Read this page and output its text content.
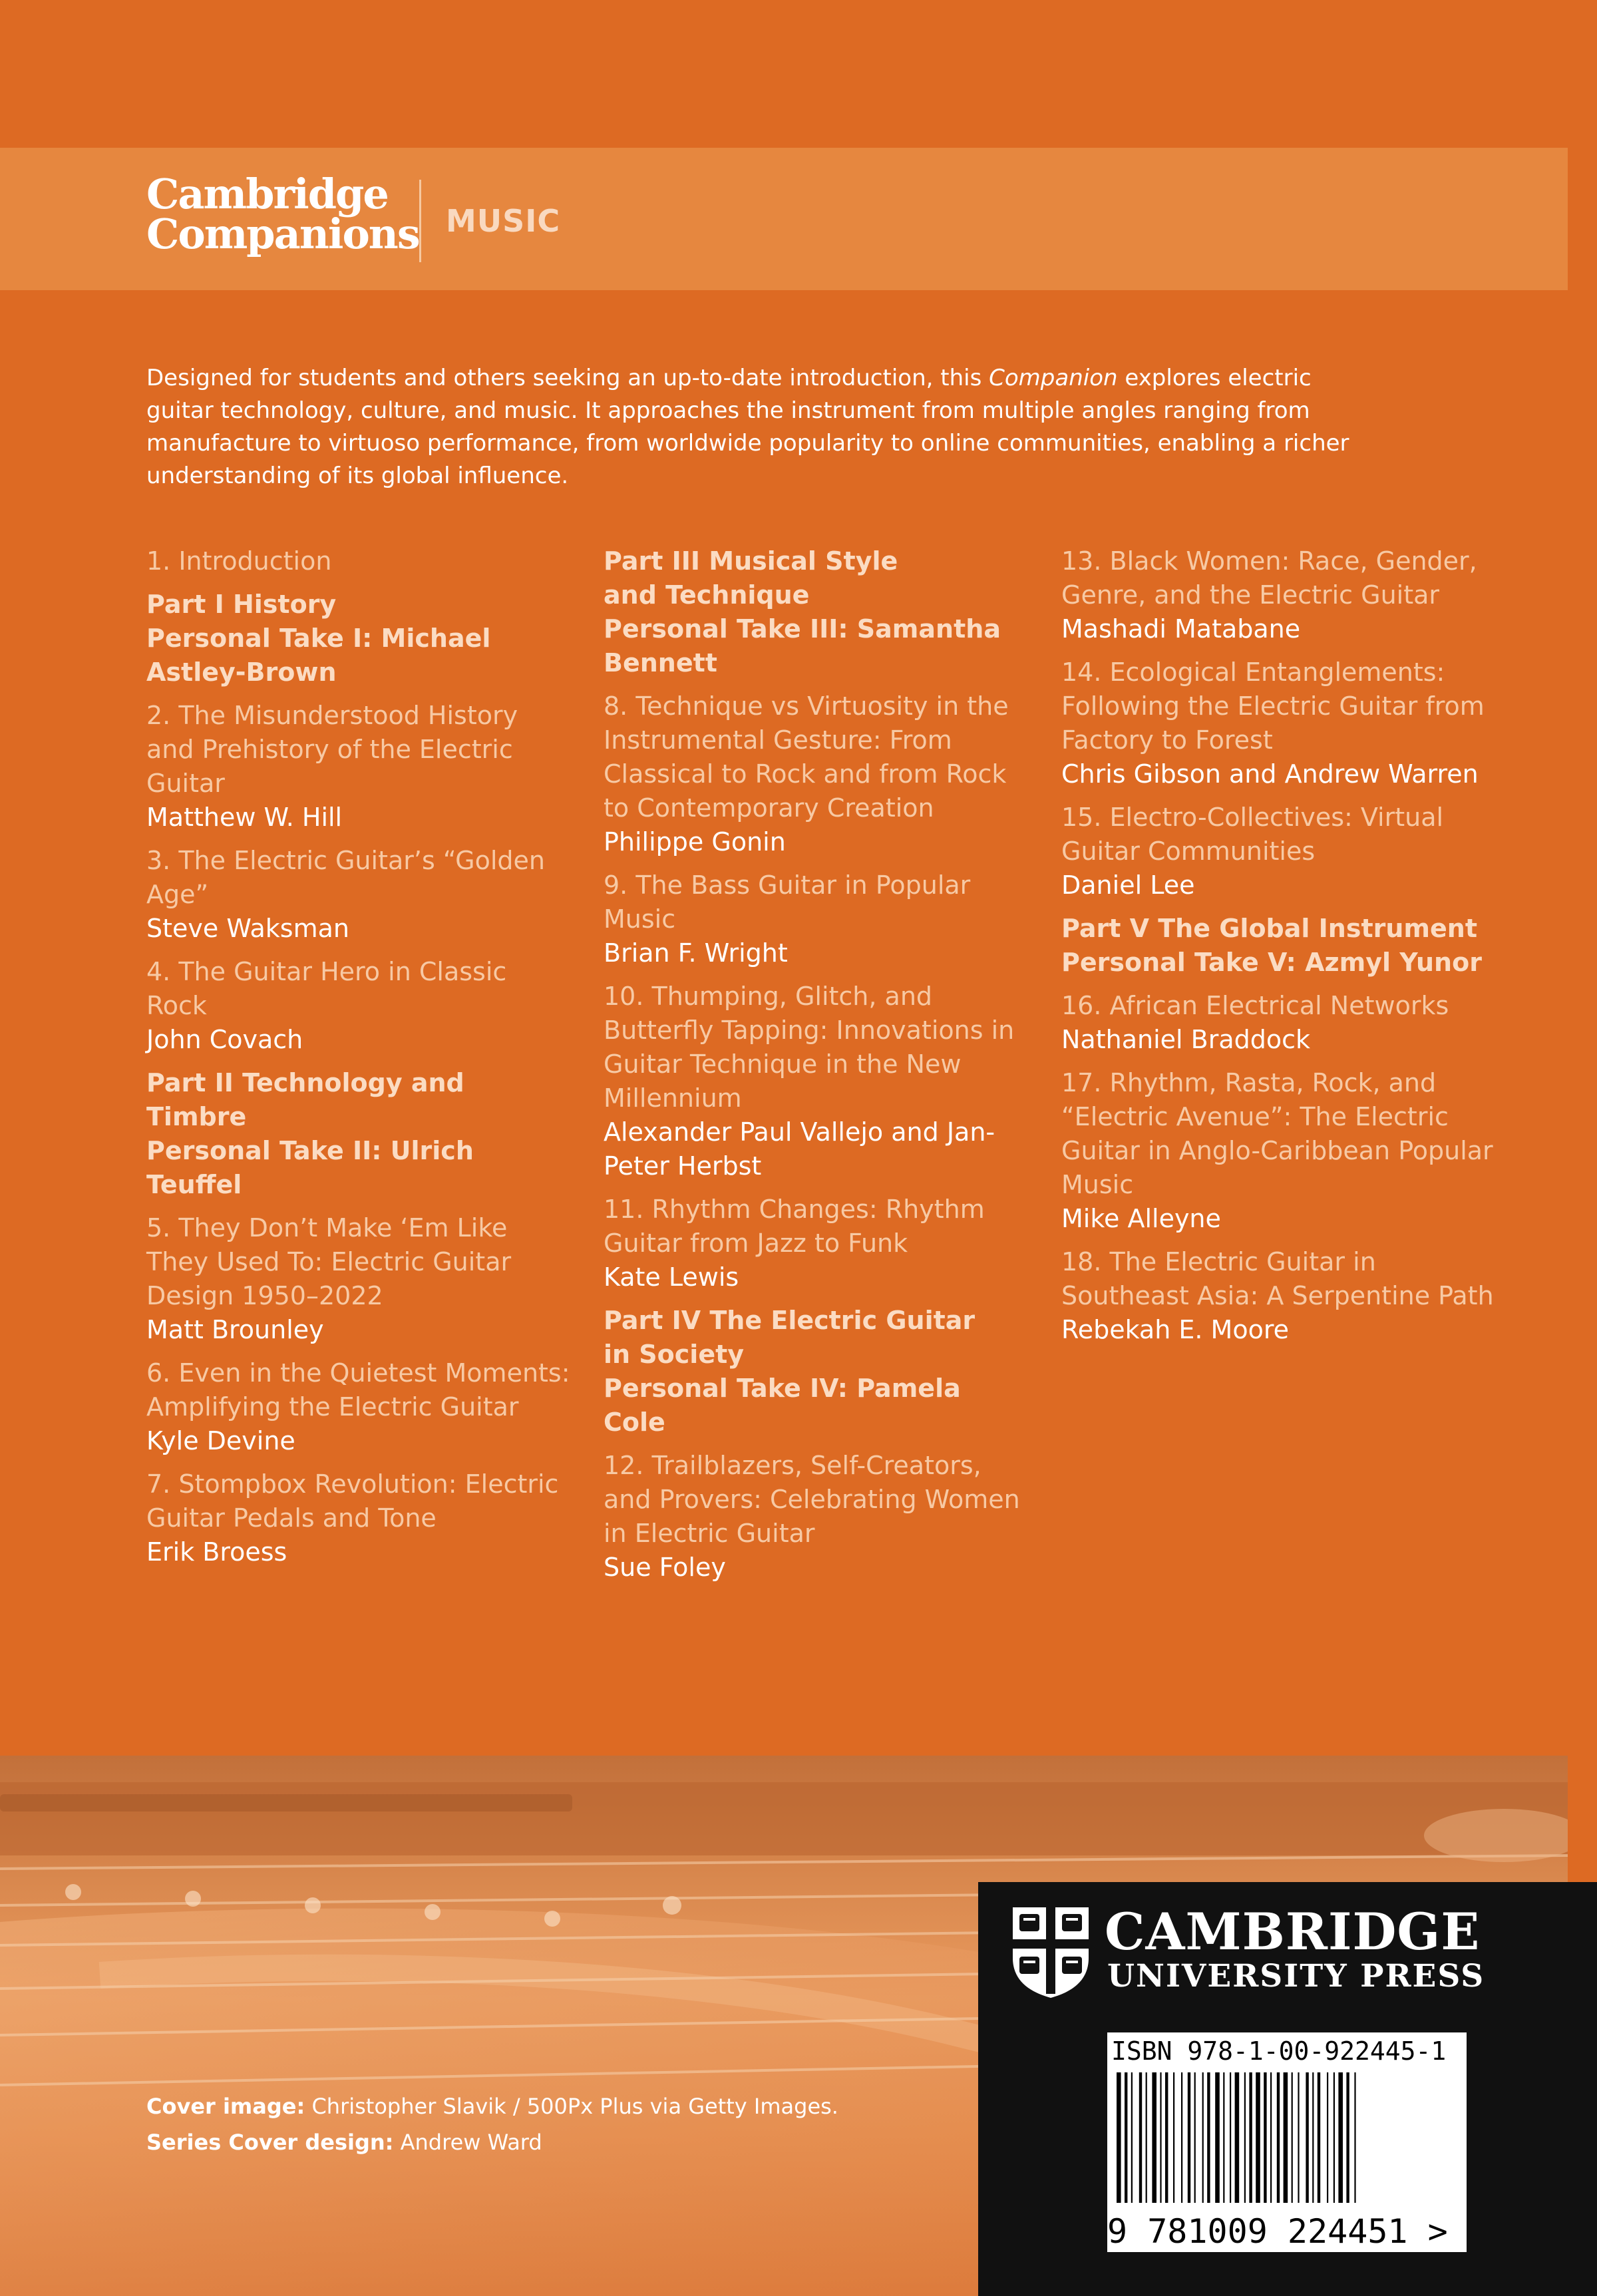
Cambridge
Companions MUSIC

Designed for students and others seeking an up-to-date introduction, this Companion explores electric guitar technology, culture, and music. It approaches the instrument from multiple angles ranging from manufacture to virtuoso performance, from worldwide popularity to online communities, enabling a richer understanding of its global influence.

1. Introduction
Part I History
Personal Take I: Michael Astley-Brown
2. The Misunderstood History and Prehistory of the Electric Guitar
Matthew W. Hill
3. The Electric Guitar’s “Golden Age”
Steve Waksman
4. The Guitar Hero in Classic Rock
John Covach
Part II Technology and Timbre
Personal Take II: Ulrich Teuffel
5. They Don’t Make ‘Em Like They Used To: Electric Guitar Design 1950–2022
Matt Brounley
6. Even in the Quietest Moments: Amplifying the Electric Guitar
Kyle Devine
7. Stompbox Revolution: Electric Guitar Pedals and Tone
Erik Broess
Part III Musical Style
and Technique
Personal Take III: Samantha Bennett
8. Technique vs Virtuosity in the Instrumental Gesture: From Classical to Rock and from Rock to Contemporary Creation
Philippe Gonin
9. The Bass Guitar in Popular Music
Brian F. Wright
10. Thumping, Glitch, and Butterfly Tapping: Innovations in Guitar Technique in the New Millennium
Alexander Paul Vallejo and Jan-Peter Herbst
11. Rhythm Changes: Rhythm Guitar from Jazz to Funk
Kate Lewis
Part IV The Electric Guitar
in Society
Personal Take IV: Pamela Cole
12. Trailblazers, Self-Creators, and Provers: Celebrating Women in Electric Guitar
Sue Foley
13. Black Women: Race, Gender, Genre, and the Electric Guitar
Mashadi Matabane
14. Ecological Entanglements: Following the Electric Guitar from Factory to Forest
Chris Gibson and Andrew Warren
15. Electro-Collectives: Virtual Guitar Communities
Daniel Lee
Part V The Global Instrument
Personal Take V: Azmyl Yunor
16. African Electrical Networks
Nathaniel Braddock
17. Rhythm, Rasta, Rock, and “Electric Avenue”: The Electric Guitar in Anglo-Caribbean Popular Music
Mike Alleyne
18. The Electric Guitar in Southeast Asia: A Serpentine Path
Rebekah E. Moore
Cover image: Christopher Slavik / 500Px Plus via Getty Images.
Series Cover design: Andrew Ward
CAMBRIDGE
UNIVERSITY PRESS
ISBN 978-1-00-922445-1
9 781009 224451 >
